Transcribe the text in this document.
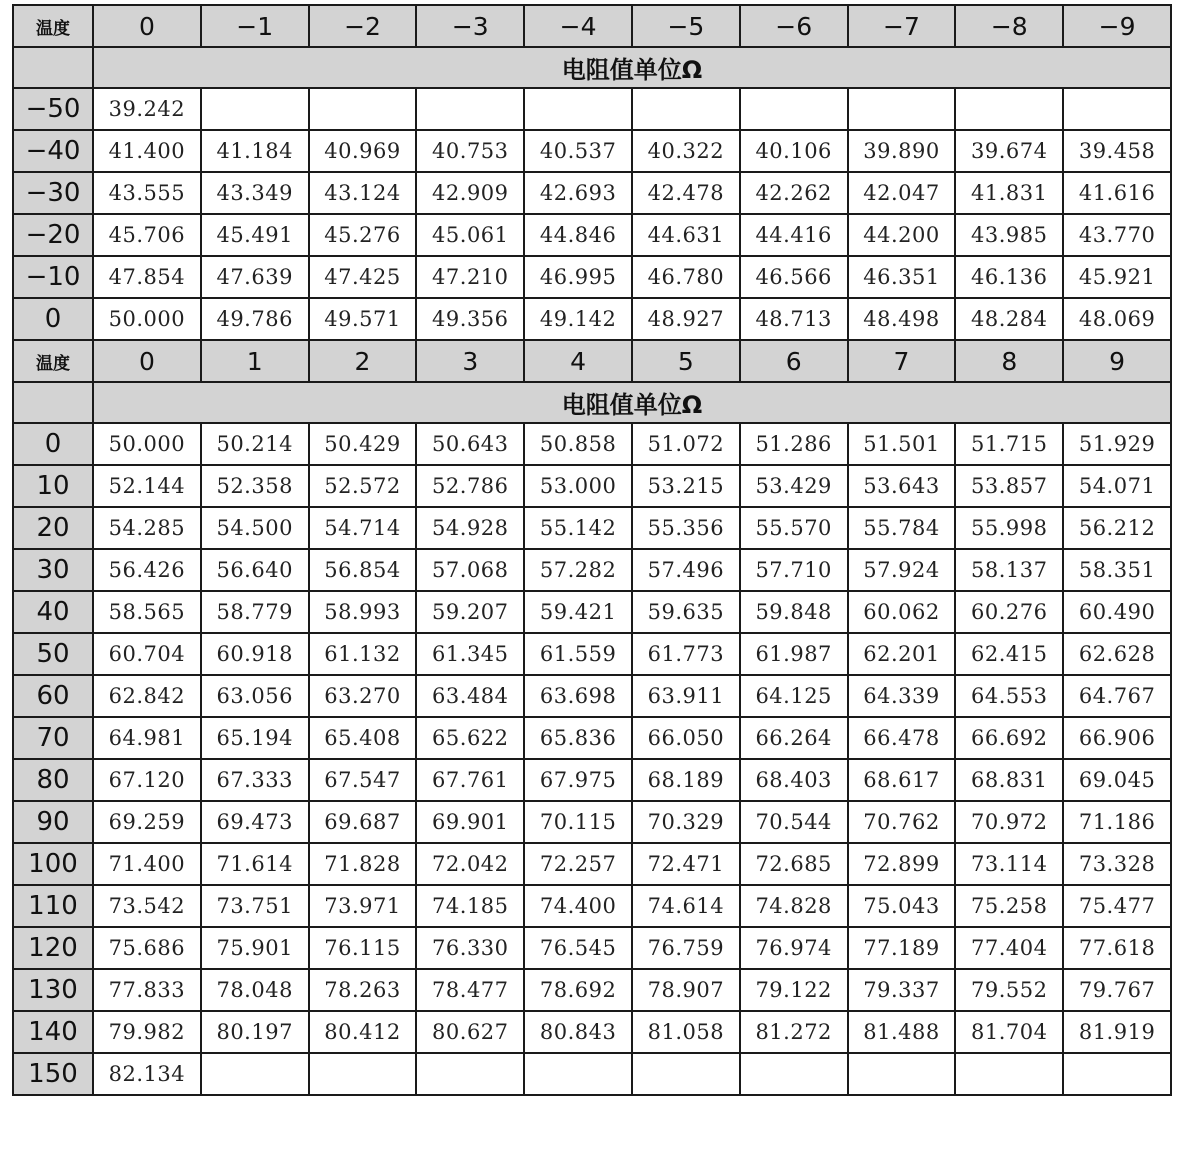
温度	0	−1	−2	−3	−4	−5	−6	−7	−8	−9
	电阻值单位Ω									
−50	39.242									
−40	41.400	41.184	40.969	40.753	40.537	40.322	40.106	39.890	39.674	39.458
−30	43.555	43.349	43.124	42.909	42.693	42.478	42.262	42.047	41.831	41.616
−20	45.706	45.491	45.276	45.061	44.846	44.631	44.416	44.200	43.985	43.770
−10	47.854	47.639	47.425	47.210	46.995	46.780	46.566	46.351	46.136	45.921
0	50.000	49.786	49.571	49.356	49.142	48.927	48.713	48.498	48.284	48.069
温度	0	1	2	3	4	5	6	7	8	9
	电阻值单位Ω									
0	50.000	50.214	50.429	50.643	50.858	51.072	51.286	51.501	51.715	51.929
10	52.144	52.358	52.572	52.786	53.000	53.215	53.429	53.643	53.857	54.071
20	54.285	54.500	54.714	54.928	55.142	55.356	55.570	55.784	55.998	56.212
30	56.426	56.640	56.854	57.068	57.282	57.496	57.710	57.924	58.137	58.351
40	58.565	58.779	58.993	59.207	59.421	59.635	59.848	60.062	60.276	60.490
50	60.704	60.918	61.132	61.345	61.559	61.773	61.987	62.201	62.415	62.628
60	62.842	63.056	63.270	63.484	63.698	63.911	64.125	64.339	64.553	64.767
70	64.981	65.194	65.408	65.622	65.836	66.050	66.264	66.478	66.692	66.906
80	67.120	67.333	67.547	67.761	67.975	68.189	68.403	68.617	68.831	69.045
90	69.259	69.473	69.687	69.901	70.115	70.329	70.544	70.762	70.972	71.186
100	71.400	71.614	71.828	72.042	72.257	72.471	72.685	72.899	73.114	73.328
110	73.542	73.751	73.971	74.185	74.400	74.614	74.828	75.043	75.258	75.477
120	75.686	75.901	76.115	76.330	76.545	76.759	76.974	77.189	77.404	77.618
130	77.833	78.048	78.263	78.477	78.692	78.907	79.122	79.337	79.552	79.767
140	79.982	80.197	80.412	80.627	80.843	81.058	81.272	81.488	81.704	81.919
150	82.134									
